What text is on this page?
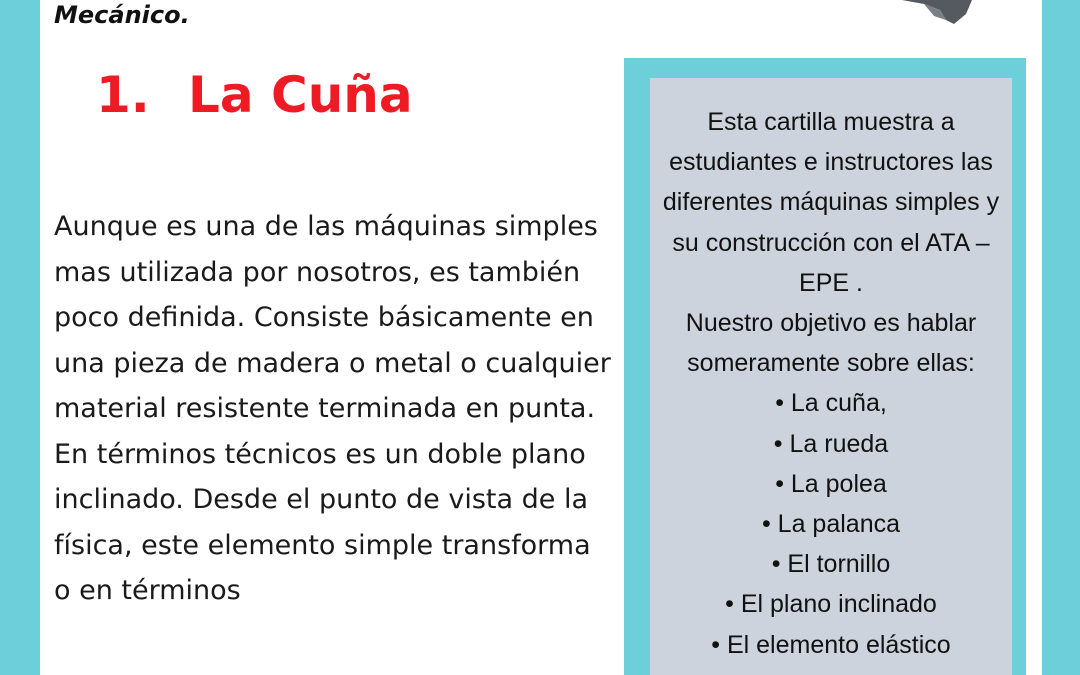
Mecánico.
1. La Cuña

Aunque es una de las máquinas simples mas utilizada por nosotros, es también poco definida. Consiste básicamente en una pieza de madera o metal o cualquier material resistente terminada en punta.

En términos técnicos es un doble plano inclinado. Desde el punto de vista de la física, este elemento simple transforma o en términos

Esta cartilla muestra a estudiantes e instructores las diferentes máquinas simples y su construcción con el ATA – EPE .

Nuestro objetivo es hablar someramente sobre ellas:

• La cuña,
• La rueda
• La polea
• La palanca
• El tornillo
• El plano inclinado
• El elemento elástico
